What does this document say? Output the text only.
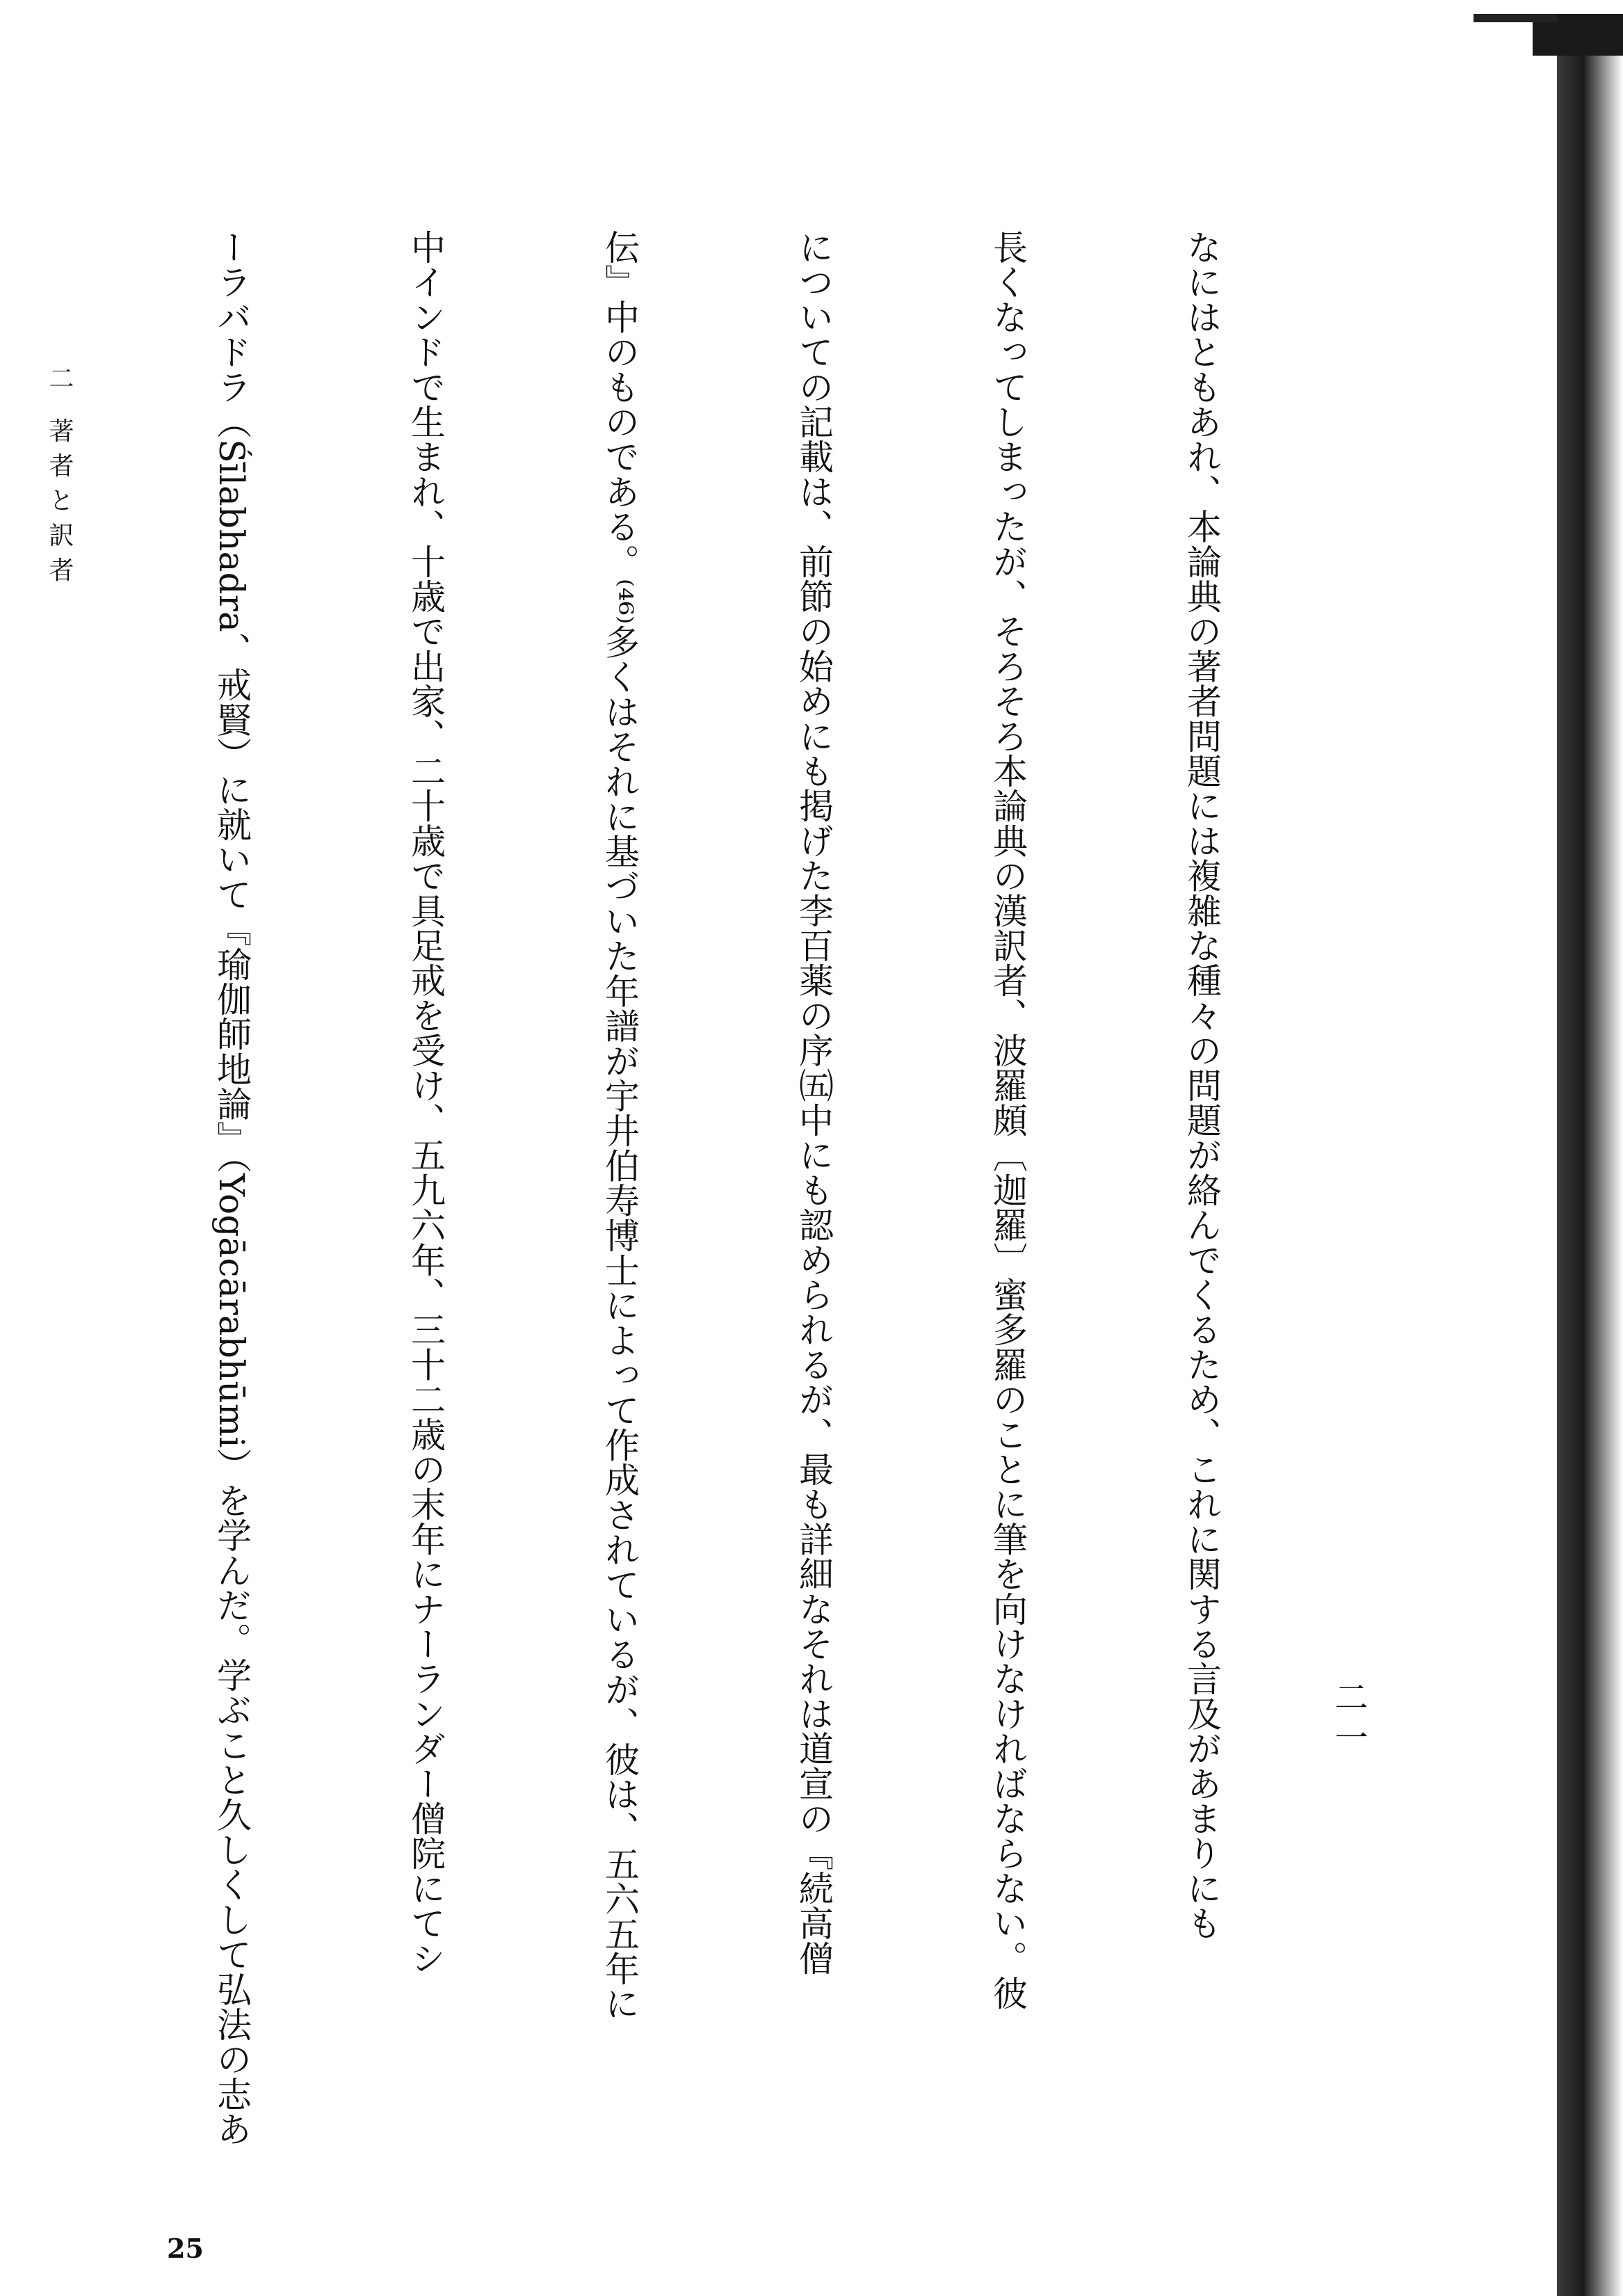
なにはともあれ、本論典の著者問題には複雑な種々の問題が絡んでくるため、これに関する言及があまりにも

長くなってしまったが、そろそろ本論典の漢訳者、波羅頗〔迦羅〕蜜多羅のことに筆を向けなければならない。彼

についての記載は、前節の始めにも掲げた李百薬の序㈤中にも認められるが、最も詳細なそれは道宣の『続高僧

伝』中のものである。⁽⁴⁶⁾多くはそれに基づいた年譜が宇井伯寿博士によって作成されているが、彼は、五六五年に

中インドで生まれ、十歳で出家、二十歳で具足戒を受け、五九六年、三十二歳の末年にナーランダー僧院にてシ

ーラバドラ（Śīlabhadra、戒賢）に就いて『瑜伽師地論』（Yogācārabhūmi）を学んだ。学ぶこと久しくして弘法の志あ

二 著者と訳者
二一
25
